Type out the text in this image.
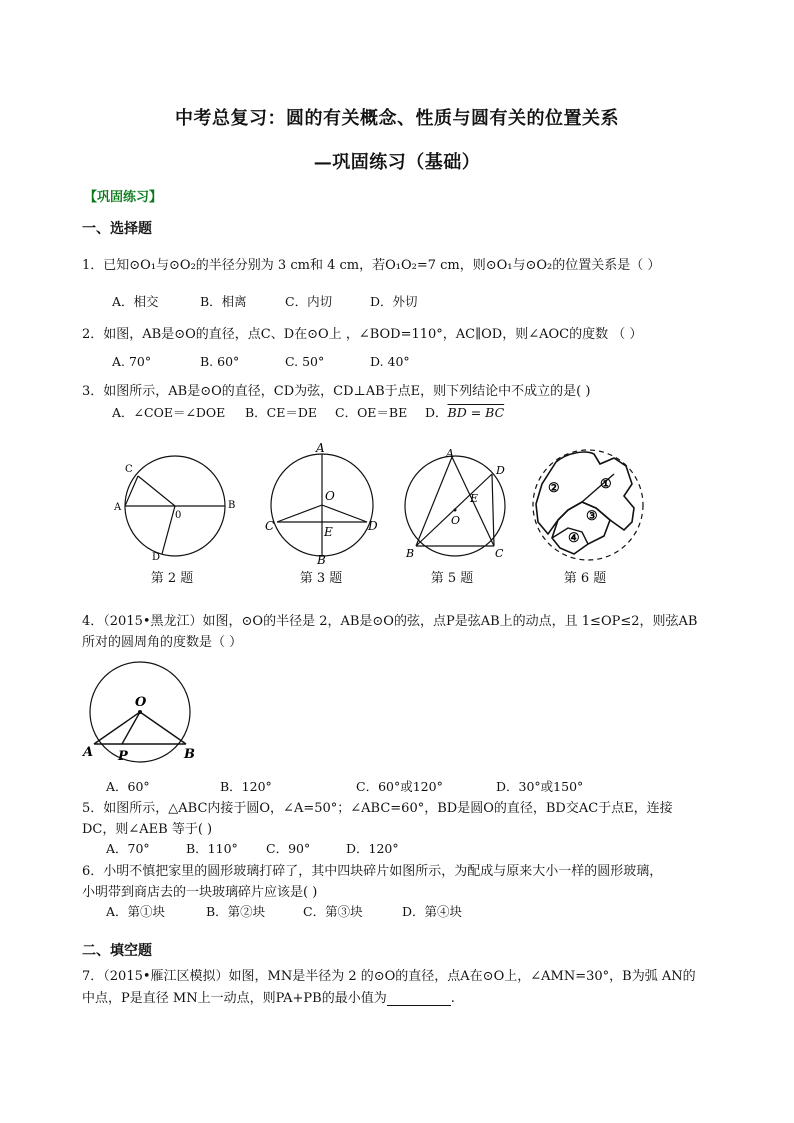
中考总复习：圆的有关概念、性质与圆有关的位置关系
—巩固练习（基础）
【巩固练习】
一、选择题
1．已知⊙O₁与⊙O₂的半径分别为 3 cm和 4 cm，若O₁O₂=7 cm，则⊙O₁与⊙O₂的位置关系是（ ）
A．相交	B．相离	C．内切	D．外切
2．如图，AB是⊙O的直径，点C、D在⊙O上 ，∠BOD=110°，AC∥OD，则∠AOC的度数 （ ）
A. 70°	B. 60°	C. 50°	D. 40°
3．如图所示，AB是⊙O的直径，CD为弦，CD⊥AB于点E，则下列结论中不成立的是( )
A．∠COE＝∠DOE B．CE＝DE C．OE＝BE D．BD = BC
C
A
0
B
D
A
O
C	E	D
B
A
D
E
O
B	C
②	①
③
④
第 2 题	第 3 题	第 5 题	第 6 题
4．（2015•黑龙江）如图，⊙O的半径是 2，AB是⊙O的弦，点P是弦AB上的动点，且 1≤OP≤2，则弦AB
所对的圆周角的度数是（ ）
O
A P	B
A．60°	B．120°	C．60°或120°	D．30°或150°
5．如图所示，△ABC内接于圆O，∠A=50°；∠ABC=60°，BD是圆O的直径，BD交AC于点E，连接
DC，则∠AEB 等于( )
A．70°	B．110° C．90°	D．120°
6．小明不慎把家里的圆形玻璃打碎了，其中四块碎片如图所示，为配成与原来大小一样的圆形玻璃，
小明带到商店去的一块玻璃碎片应该是( )
A．第①块	B．第②块	C．第③块	D．第④块
二、填空题
7．（2015•雁江区模拟）如图，MN是半径为 2 的⊙O的直径，点A在⊙O上，∠AMN=30°，B为弧 AN的
中点，P是直径 MN上一动点，则PA+PB的最小值为	.
